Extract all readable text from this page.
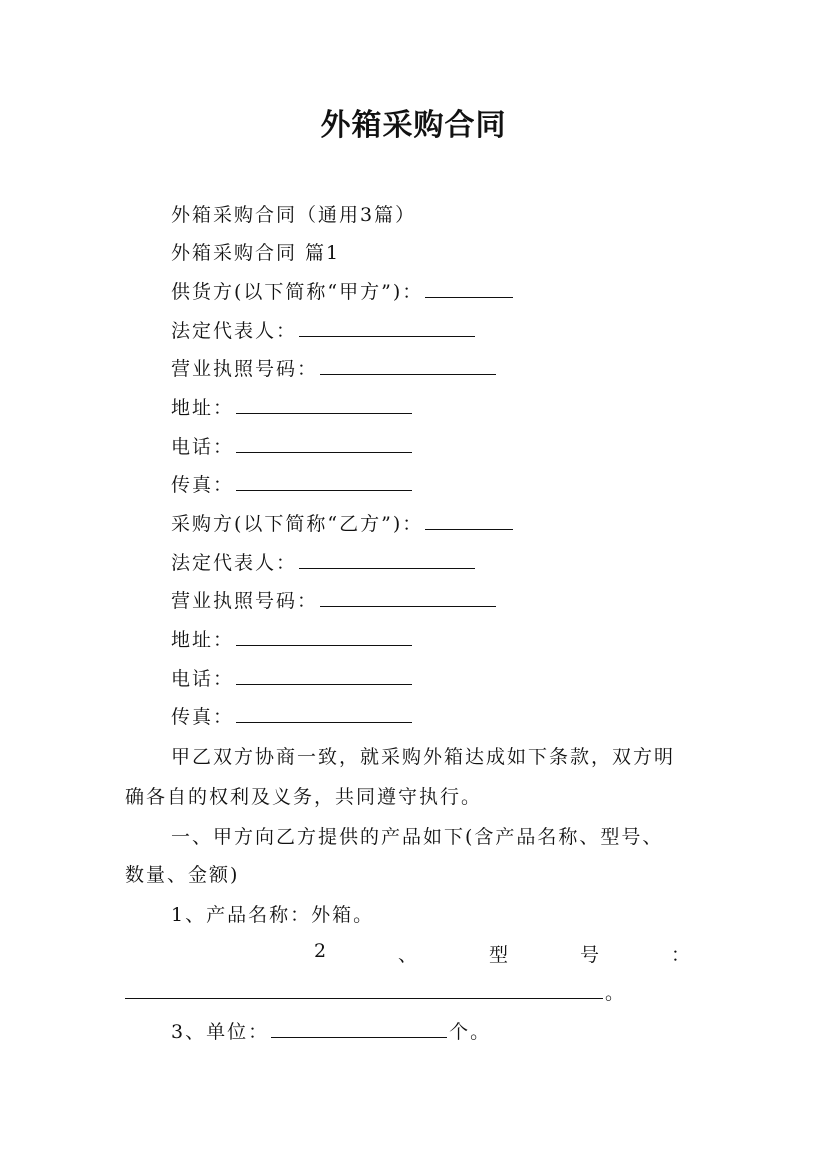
外箱采购合同
外箱采购合同（通用3篇）
外箱采购合同 篇1
供货方(以下简称“甲方”)：
法定代表人：
营业执照号码：
地址：
电话：
传真：
采购方(以下简称“乙方”)：
法定代表人：
营业执照号码：
地址：
电话：
传真：
甲乙双方协商一致，就采购外箱达成如下条款，双方明
确各自的权利及义务，共同遵守执行。
一、甲方向乙方提供的产品如下(含产品名称、型号、
数量、金额)
1、产品名称：外箱。
2	、	型	号	：
。
3、单位：	个。
